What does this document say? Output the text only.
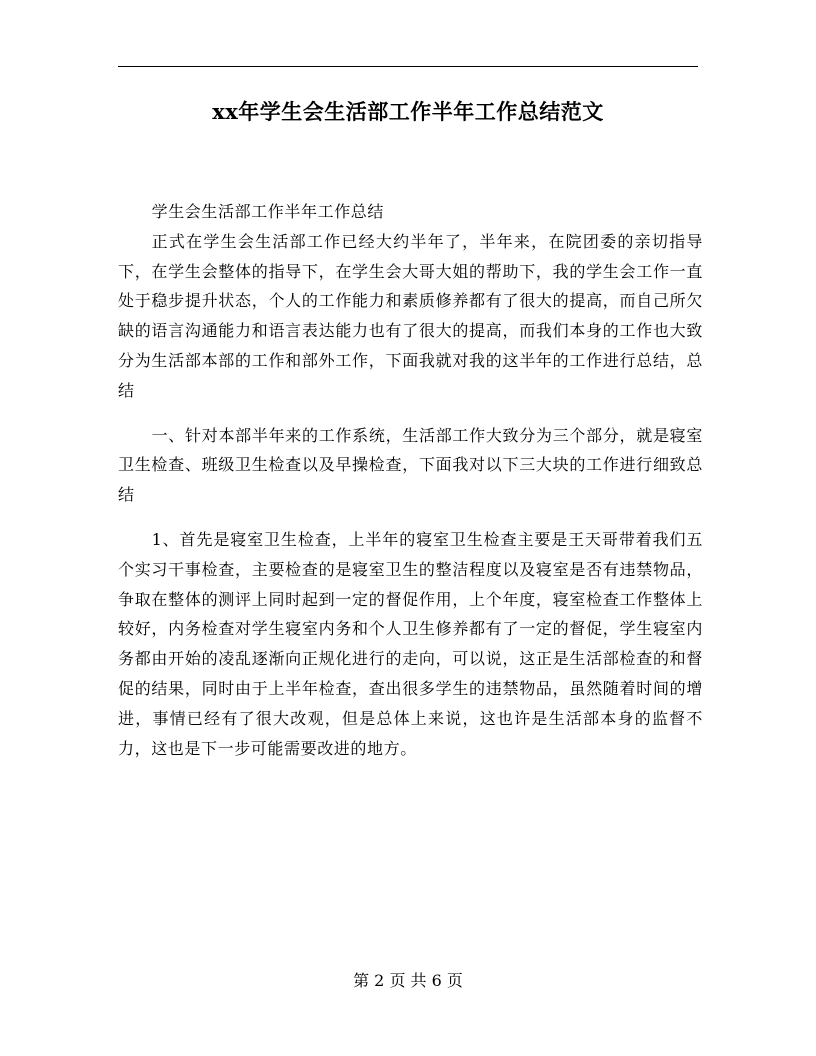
xx年学生会生活部工作半年工作总结范文

学生会生活部工作半年工作总结

正式在学生会生活部工作已经大约半年了，半年来，在院团委的亲切指导下，在学生会整体的指导下，在学生会大哥大姐的帮助下，我的学生会工作一直处于稳步提升状态，个人的工作能力和素质修养都有了很大的提高，而自己所欠缺的语言沟通能力和语言表达能力也有了很大的提高，而我们本身的工作也大致分为生活部本部的工作和部外工作，下面我就对我的这半年的工作进行总结，总结

一、针对本部半年来的工作系统，生活部工作大致分为三个部分，就是寝室卫生检查、班级卫生检查以及早操检查，下面我对以下三大块的工作进行细致总结

1、首先是寝室卫生检查，上半年的寝室卫生检查主要是王天哥带着我们五个实习干事检查，主要检查的是寝室卫生的整洁程度以及寝室是否有违禁物品，争取在整体的测评上同时起到一定的督促作用，上个年度，寝室检查工作整体上较好，内务检查对学生寝室内务和个人卫生修养都有了一定的督促，学生寝室内务都由开始的凌乱逐渐向正规化进行的走向，可以说，这正是生活部检查的和督促的结果，同时由于上半年检查，查出很多学生的违禁物品，虽然随着时间的增进，事情已经有了很大改观，但是总体上来说，这也许是生活部本身的监督不力，这也是下一步可能需要改进的地方。

第 2 页 共 6 页
